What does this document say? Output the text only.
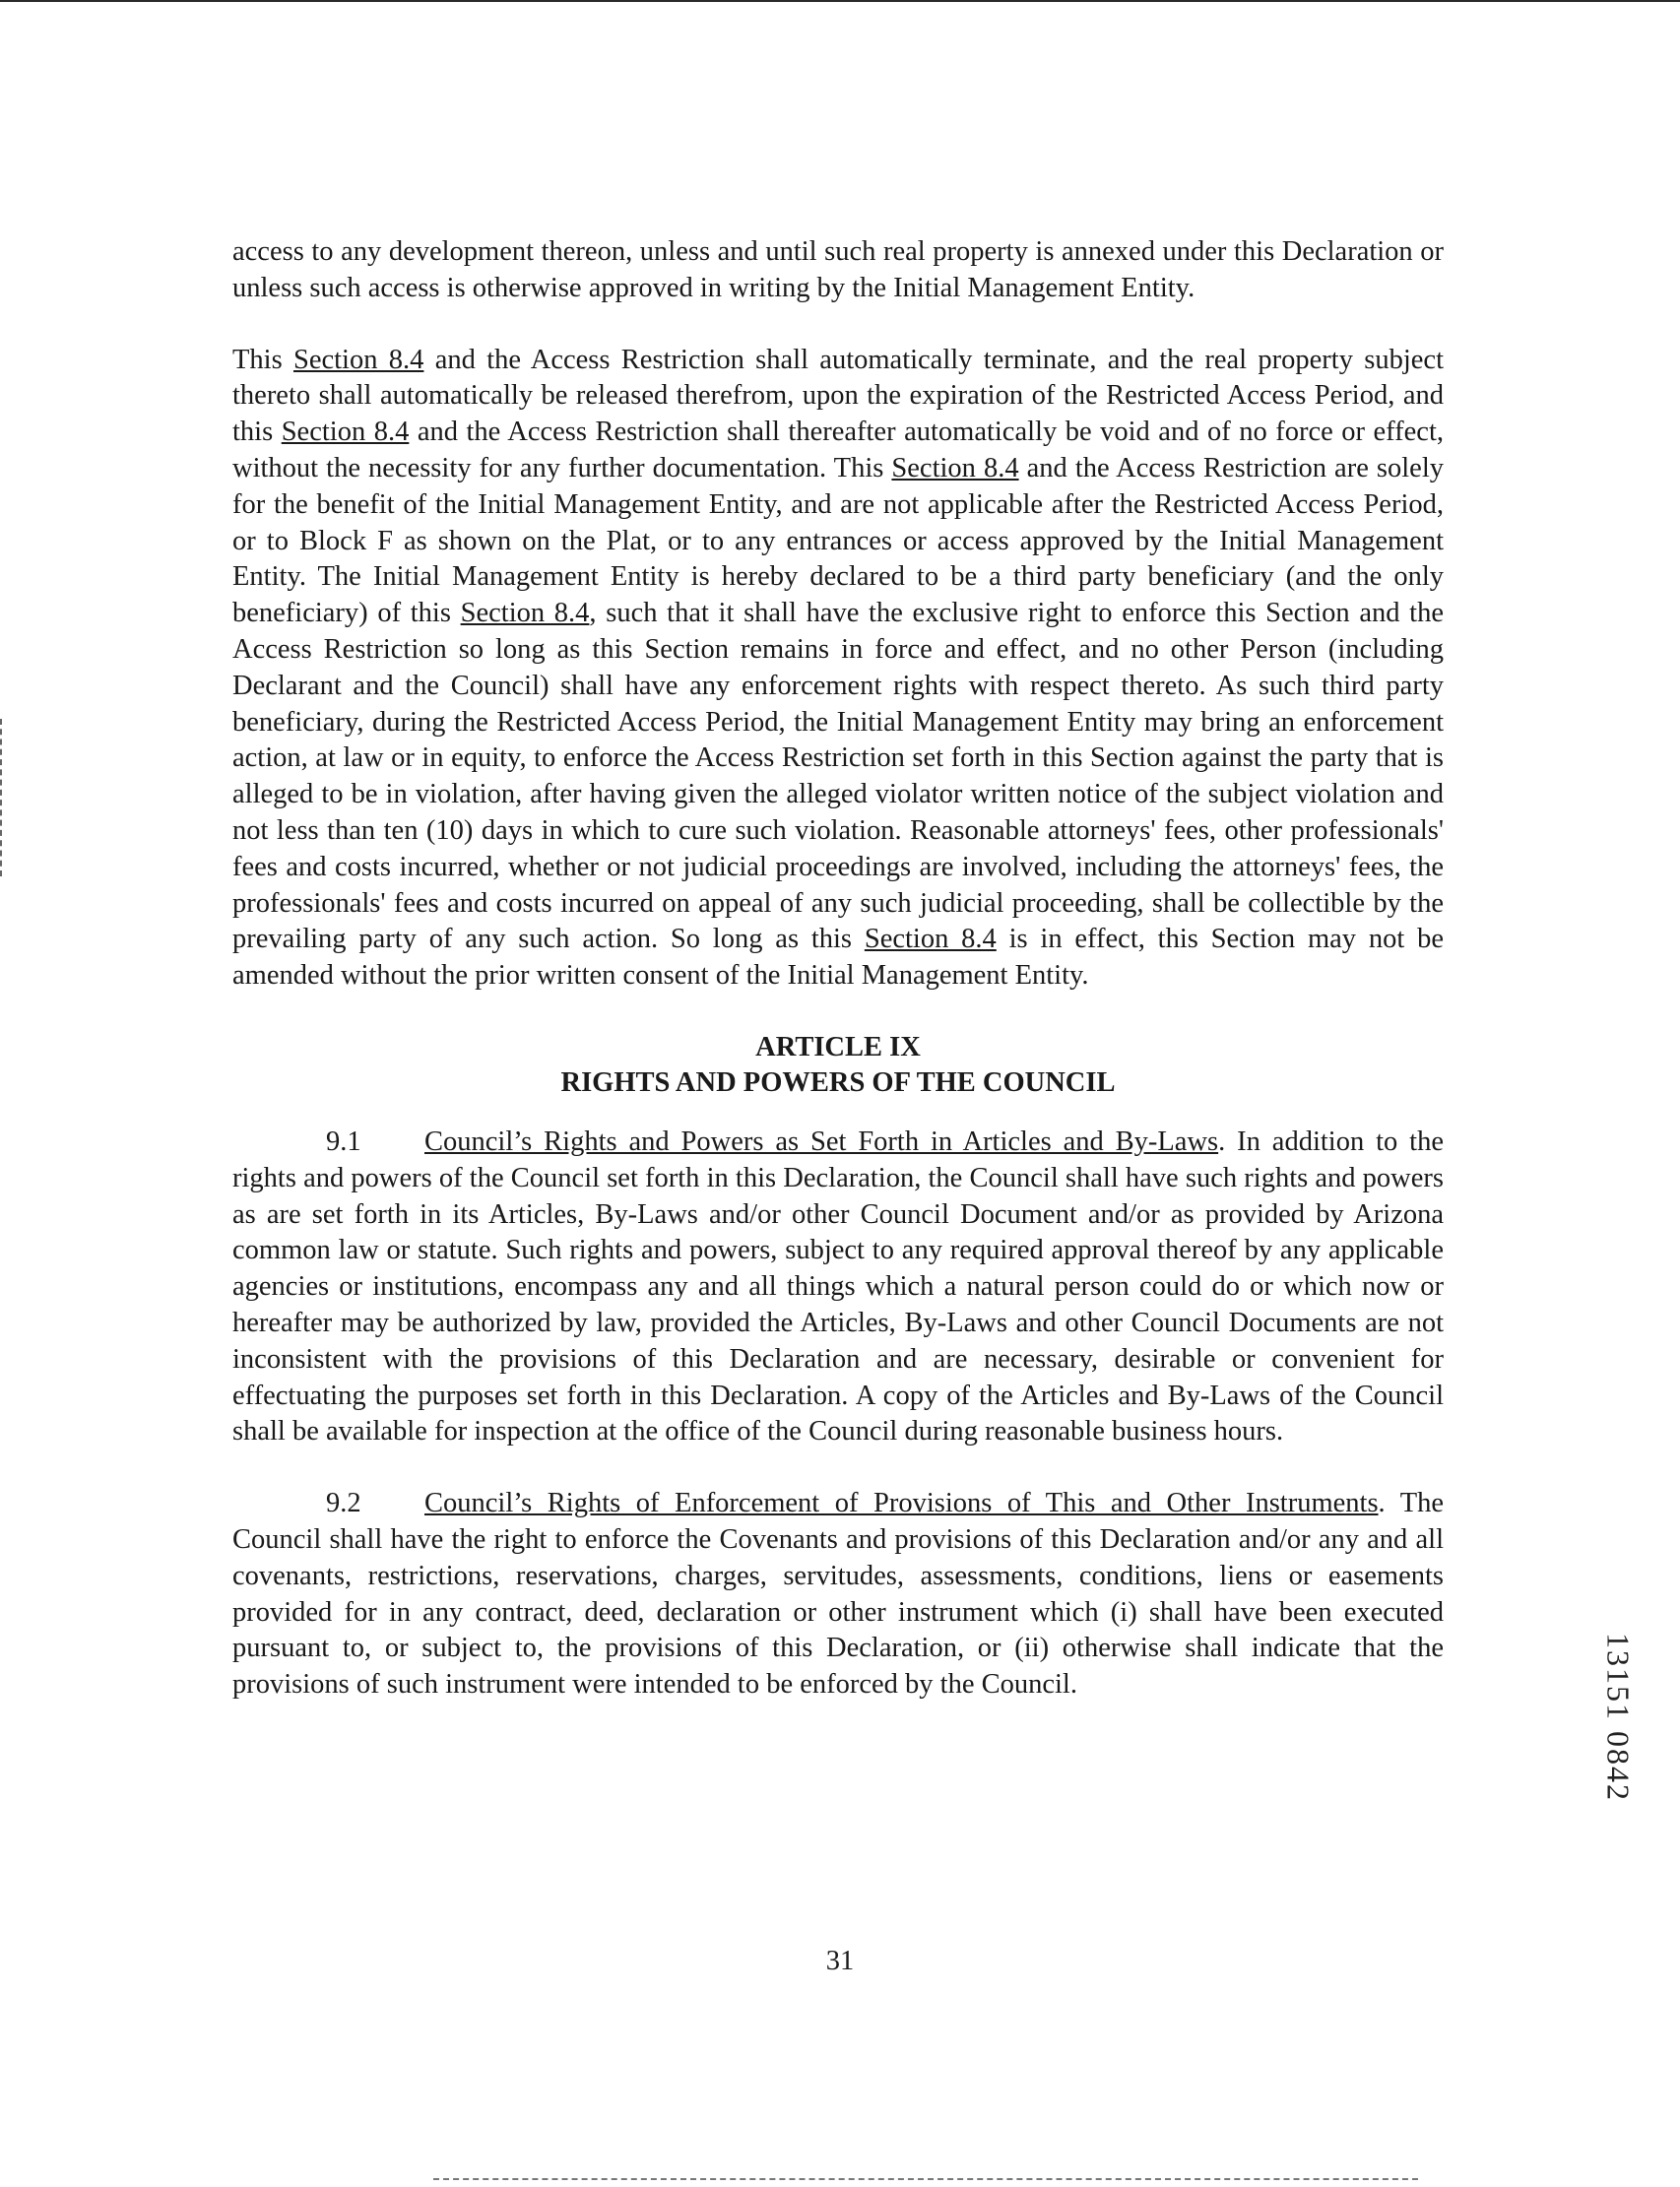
access to any development thereon, unless and until such real property is annexed under this Declaration or unless such access is otherwise approved in writing by the Initial Management Entity.

This Section 8.4 and the Access Restriction shall automatically terminate, and the real property subject thereto shall automatically be released therefrom, upon the expiration of the Restricted Access Period, and this Section 8.4 and the Access Restriction shall thereafter automatically be void and of no force or effect, without the necessity for any further documentation. This Section 8.4 and the Access Restriction are solely for the benefit of the Initial Management Entity, and are not applicable after the Restricted Access Period, or to Block F as shown on the Plat, or to any entrances or access approved by the Initial Management Entity. The Initial Management Entity is hereby declared to be a third party beneficiary (and the only beneficiary) of this Section 8.4, such that it shall have the exclusive right to enforce this Section and the Access Restriction so long as this Section remains in force and effect, and no other Person (including Declarant and the Council) shall have any enforcement rights with respect thereto. As such third party beneficiary, during the Restricted Access Period, the Initial Management Entity may bring an enforcement action, at law or in equity, to enforce the Access Restriction set forth in this Section against the party that is alleged to be in violation, after having given the alleged violator written notice of the subject violation and not less than ten (10) days in which to cure such violation. Reasonable attorneys' fees, other professionals' fees and costs incurred, whether or not judicial proceedings are involved, including the attorneys' fees, the professionals' fees and costs incurred on appeal of any such judicial proceeding, shall be collectible by the prevailing party of any such action. So long as this Section 8.4 is in effect, this Section may not be amended without the prior written consent of the Initial Management Entity.

ARTICLE IX
RIGHTS AND POWERS OF THE COUNCIL

9.1 Council’s Rights and Powers as Set Forth in Articles and By-Laws. In addition to the rights and powers of the Council set forth in this Declaration, the Council shall have such rights and powers as are set forth in its Articles, By-Laws and/or other Council Document and/or as provided by Arizona common law or statute. Such rights and powers, subject to any required approval thereof by any applicable agencies or institutions, encompass any and all things which a natural person could do or which now or hereafter may be authorized by law, provided the Articles, By-Laws and other Council Documents are not inconsistent with the provisions of this Declaration and are necessary, desirable or convenient for effectuating the purposes set forth in this Declaration. A copy of the Articles and By-Laws of the Council shall be available for inspection at the office of the Council during reasonable business hours.

9.2 Council’s Rights of Enforcement of Provisions of This and Other Instruments. The Council shall have the right to enforce the Covenants and provisions of this Declaration and/or any and all covenants, restrictions, reservations, charges, servitudes, assessments, conditions, liens or easements provided for in any contract, deed, declaration or other instrument which (i) shall have been executed pursuant to, or subject to, the provisions of this Declaration, or (ii) otherwise shall indicate that the provisions of such instrument were intended to be enforced by the Council.

31
13151 0842
